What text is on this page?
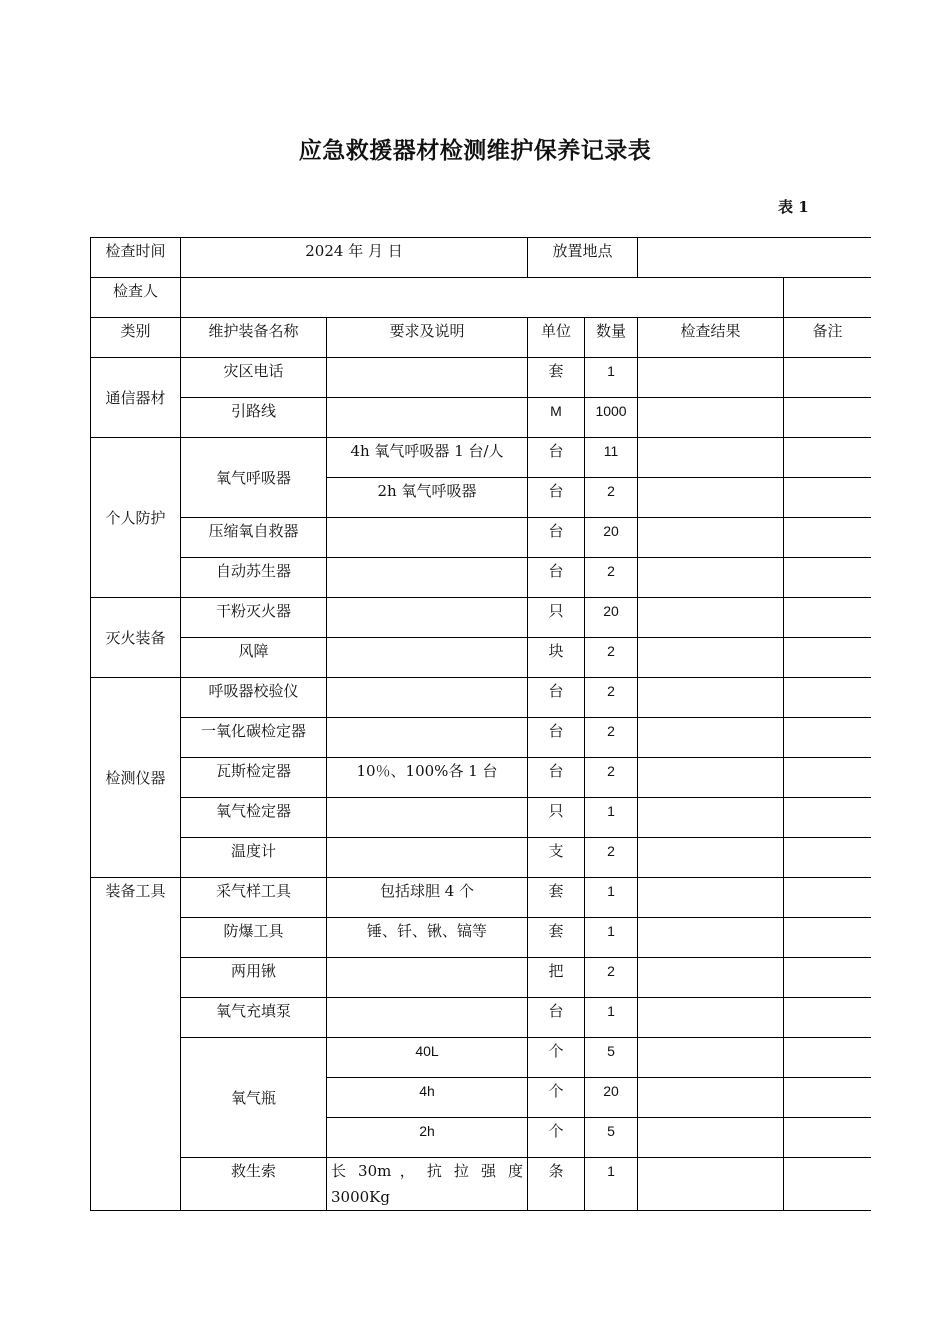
应急救援器材检测维护保养记录表
表 1
检查时间	2024 年 月 日		放置地点			
检查人						
类别	维护装备名称	要求及说明	单位	数量	检查结果	备注
通信器材	灾区电话		套	1		
	引路线		M	1000		
个人防护	氧气呼吸器	4h 氧气呼吸器 1 台/人	台	11		
		2h 氧气呼吸器	台	2		
	压缩氧自救器		台	20		
	自动苏生器		台	2		
灭火装备	干粉灭火器		只	20		
	风障		块	2		
检测仪器	呼吸器校验仪		台	2		
	一氧化碳检定器		台	2		
	瓦斯检定器	10％、100%各 1 台	台	2		
	氧气检定器		只	1		
	温度计		支	2		
装备工具	采气样工具	包括球胆 4 个	套	1		
	防爆工具	锤、钎、锹、镐等	套	1		
	两用锹		把	2		
	氧气充填泵		台	1		
	氧气瓶	40L	个	5		
		4h	个	20		
		2h	个	5		
	救生索	长 30m ， 抗 拉 强 度 3000Kg	条	1		
